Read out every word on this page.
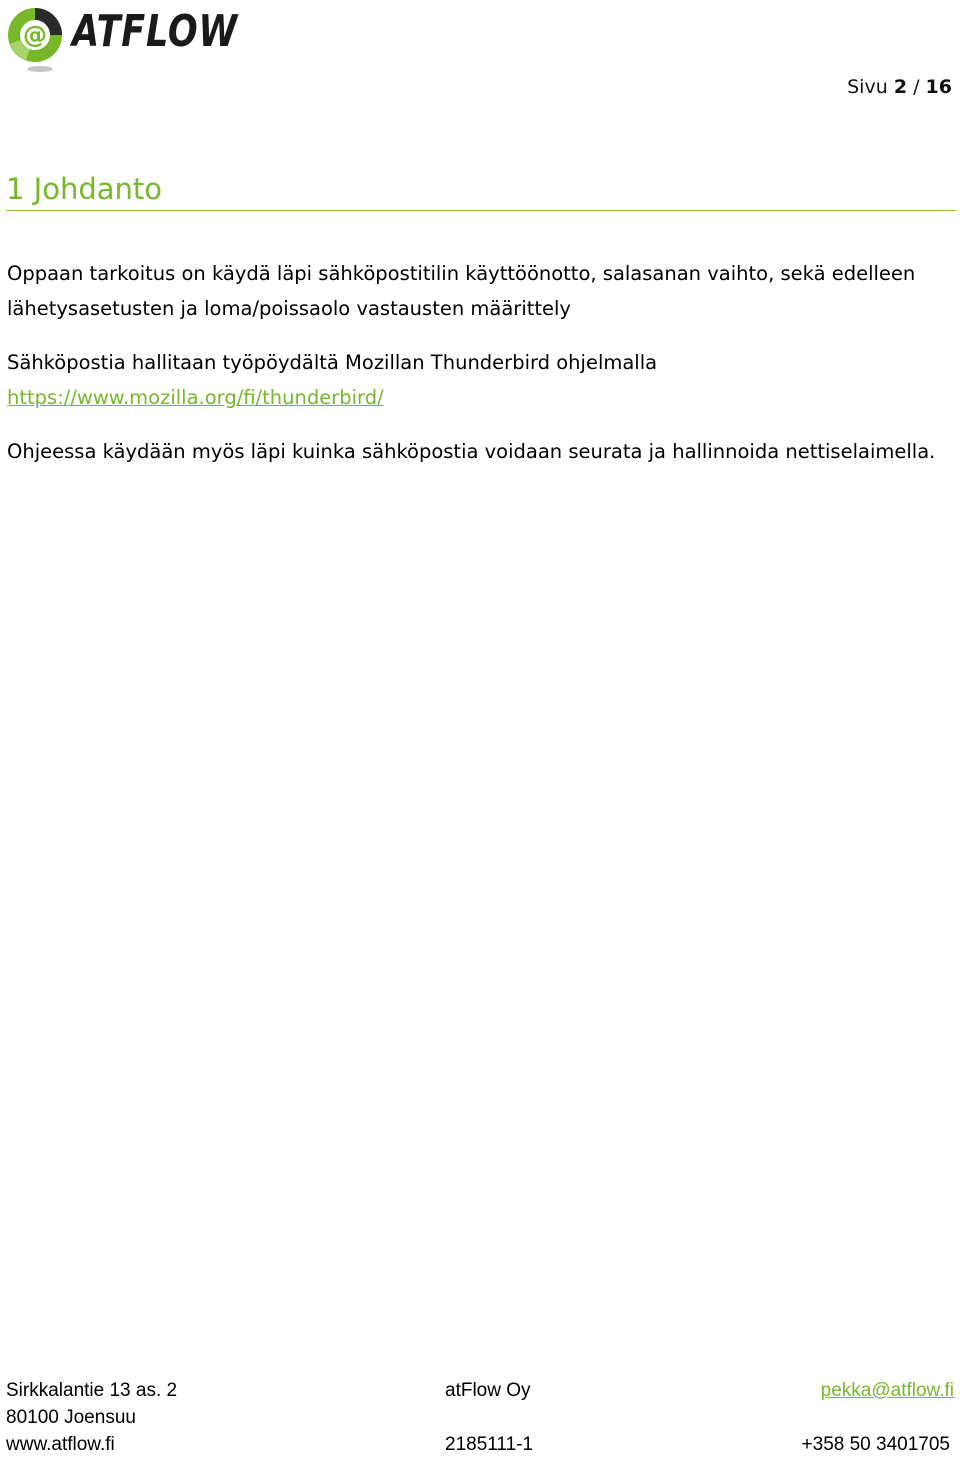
@ ATFLOW
Sivu 2 / 16
1 Johdanto
Oppaan tarkoitus on käydä läpi sähköpostitilin käyttöönotto, salasanan vaihto, sekä edelleen
lähetysasetusten ja loma/poissaolo vastausten määrittely
Sähköpostia hallitaan työpöydältä Mozillan Thunderbird ohjelmalla
https://www.mozilla.org/fi/thunderbird/
Ohjeessa käydään myös läpi kuinka sähköpostia voidaan seurata ja hallinnoida nettiselaimella.
Sirkkalantie 13 as. 2	atFlow Oy	pekka@atflow.fi
80100 Joensuu
www.atflow.fi	2185111-1	+358 50 3401705
